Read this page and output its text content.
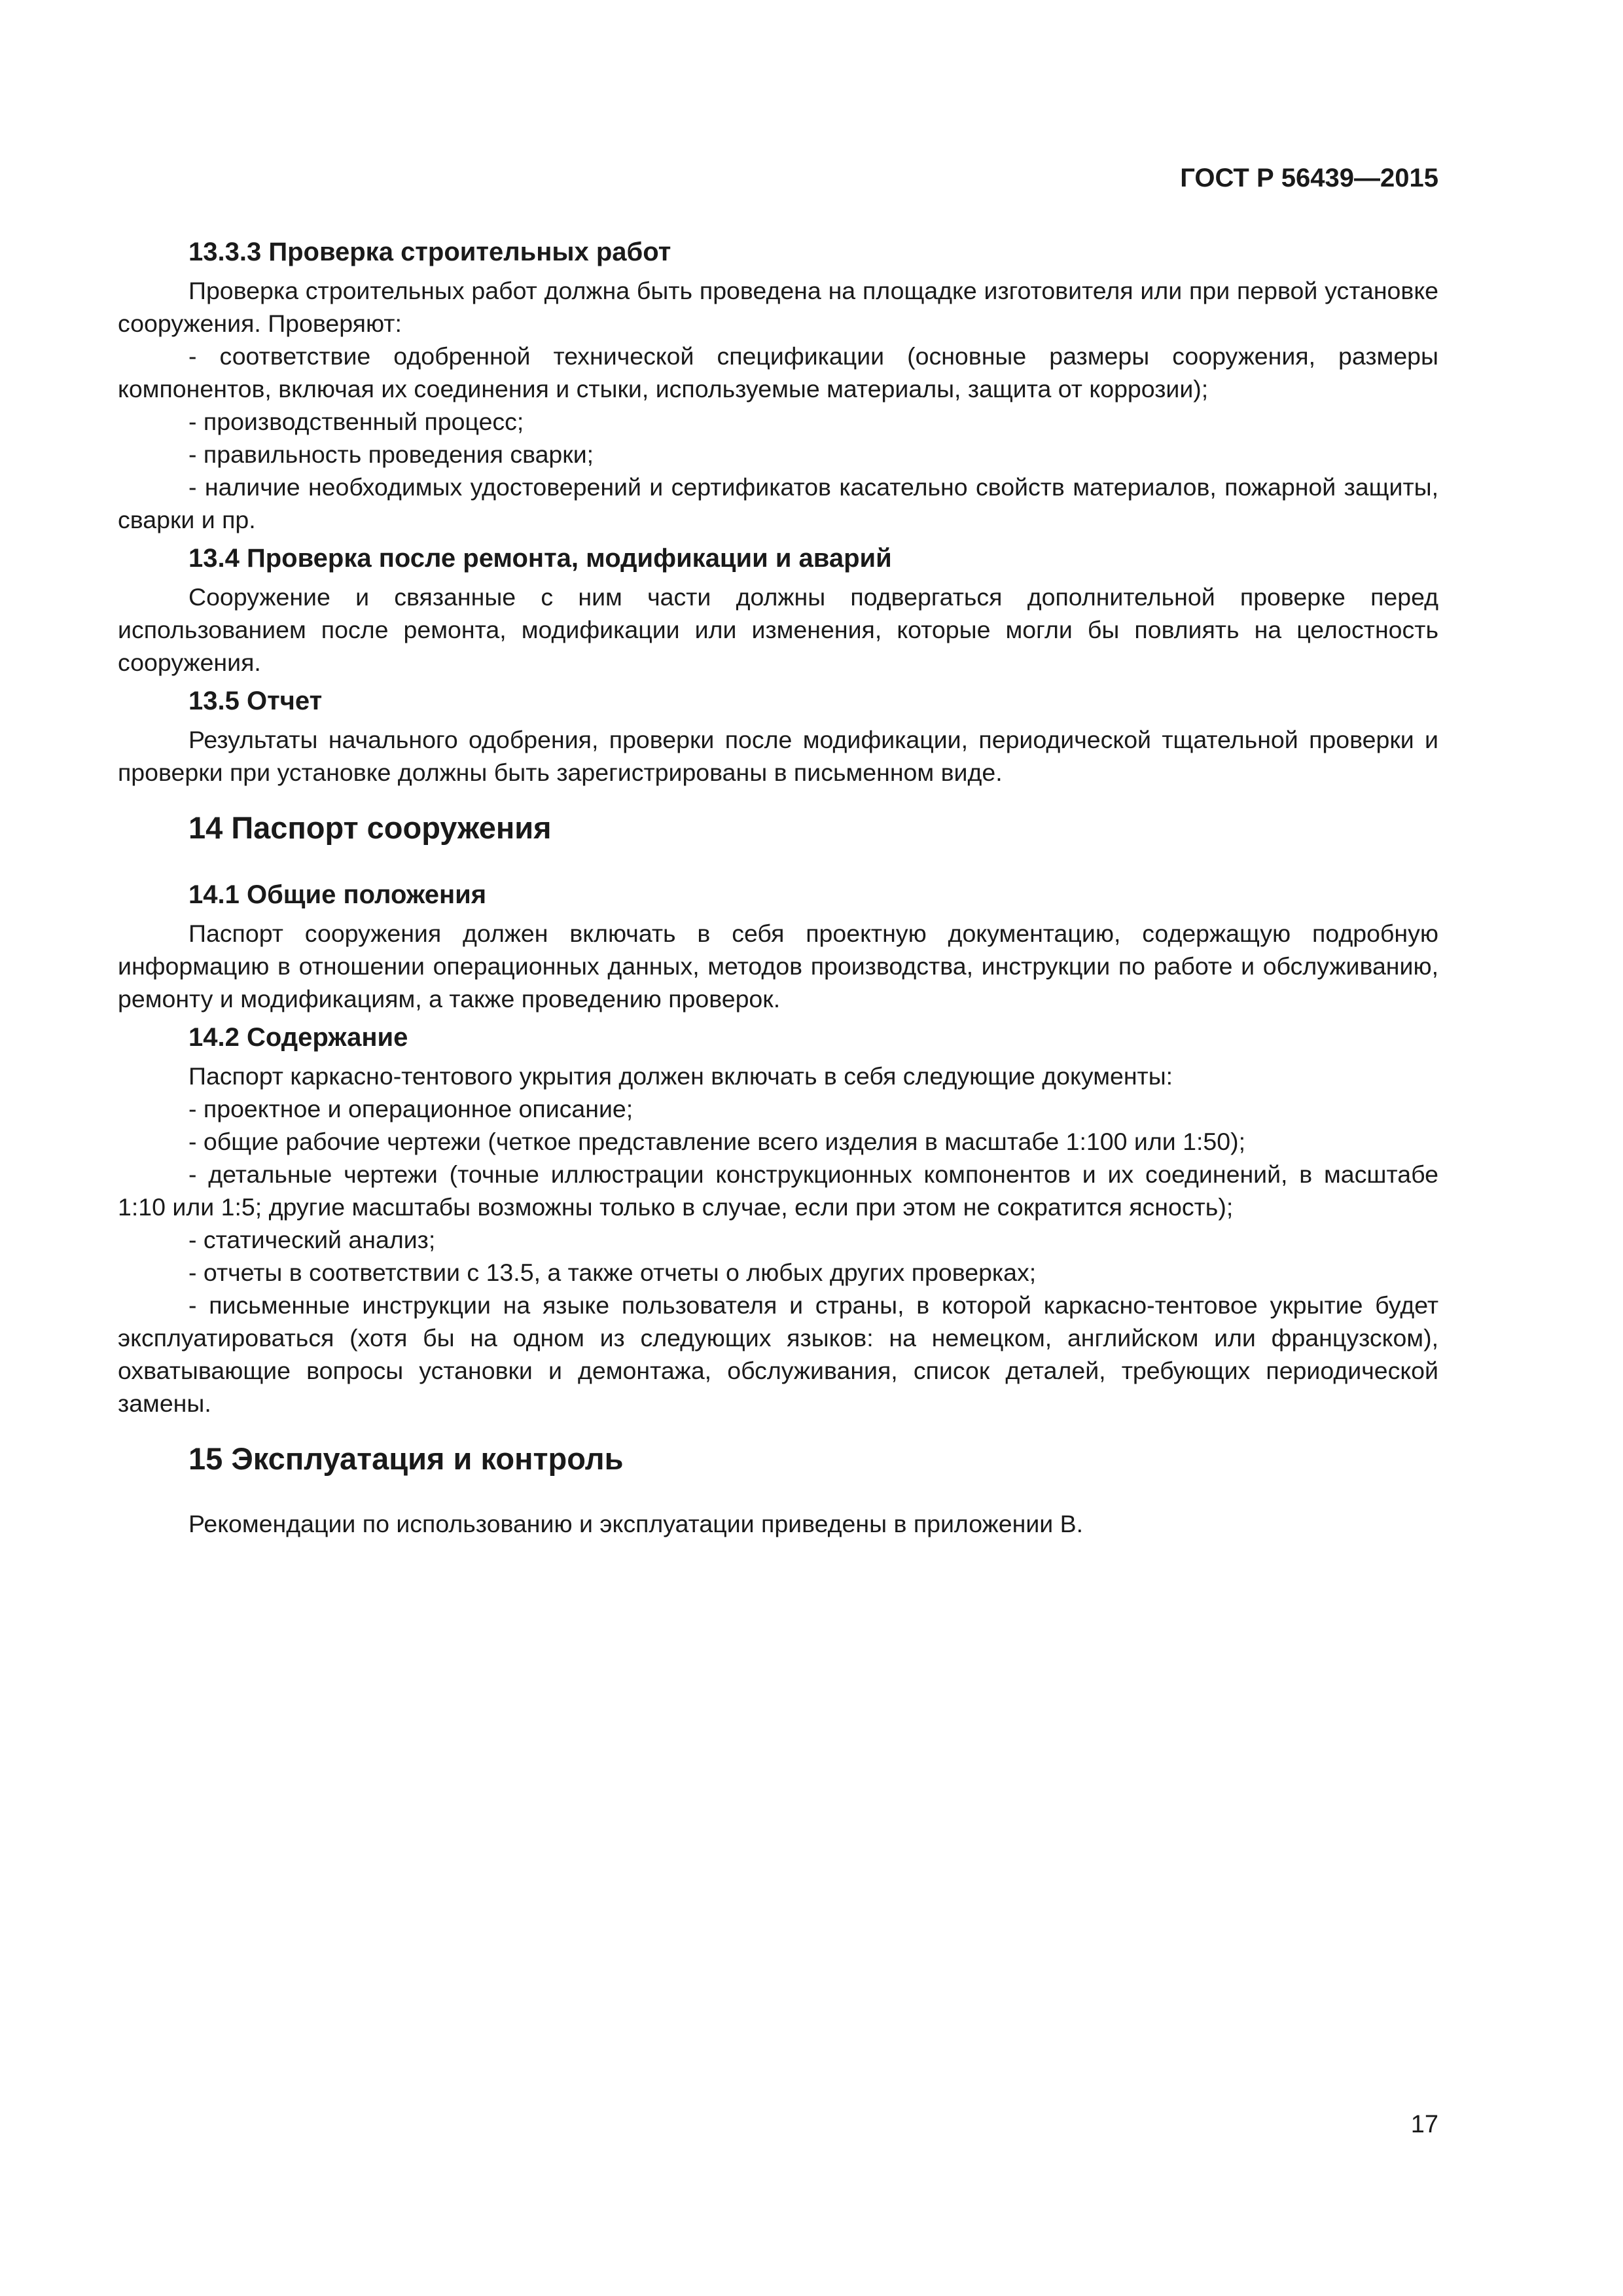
ГОСТ Р 56439—2015
13.3.3 Проверка строительных работ

Проверка строительных работ должна быть проведена на площадке изготовителя или при первой установке сооружения. Проверяют:

- соответствие одобренной технической спецификации (основные размеры сооружения, размеры компонентов, включая их соединения и стыки, используемые материалы, защита от коррозии);

- производственный процесс;

- правильность проведения сварки;

- наличие необходимых удостоверений и сертификатов касательно свойств материалов, пожарной защиты, сварки и пр.

13.4 Проверка после ремонта, модификации и аварий

Сооружение и связанные с ним части должны подвергаться дополнительной проверке перед использованием после ремонта, модификации или изменения, которые могли бы повлиять на целостность сооружения.

13.5 Отчет

Результаты начального одобрения, проверки после модификации, периодической тщательной проверки и проверки при установке должны быть зарегистрированы в письменном виде.

14 Паспорт сооружения
14.1 Общие положения

Паспорт сооружения должен включать в себя проектную документацию, содержащую подробную информацию в отношении операционных данных, методов производства, инструкции по работе и обслуживанию, ремонту и модификациям, а также проведению проверок.

14.2 Содержание

Паспорт каркасно-тентового укрытия должен включать в себя следующие документы:

- проектное и операционное описание;

- общие рабочие чертежи (четкое представление всего изделия в масштабе 1:100 или 1:50);

- детальные чертежи (точные иллюстрации конструкционных компонентов и их соединений, в масштабе 1:10 или 1:5; другие масштабы возможны только в случае, если при этом не сократится ясность);

- статический анализ;

- отчеты в соответствии с 13.5, а также отчеты о любых других проверках;

- письменные инструкции на языке пользователя и страны, в которой каркасно-тентовое укрытие будет эксплуатироваться (хотя бы на одном из следующих языков: на немецком, английском или французском), охватывающие вопросы установки и демонтажа, обслуживания, список деталей, требующих периодической замены.

15 Эксплуатация и контроль

Рекомендации по использованию и эксплуатации приведены в приложении В.

17
